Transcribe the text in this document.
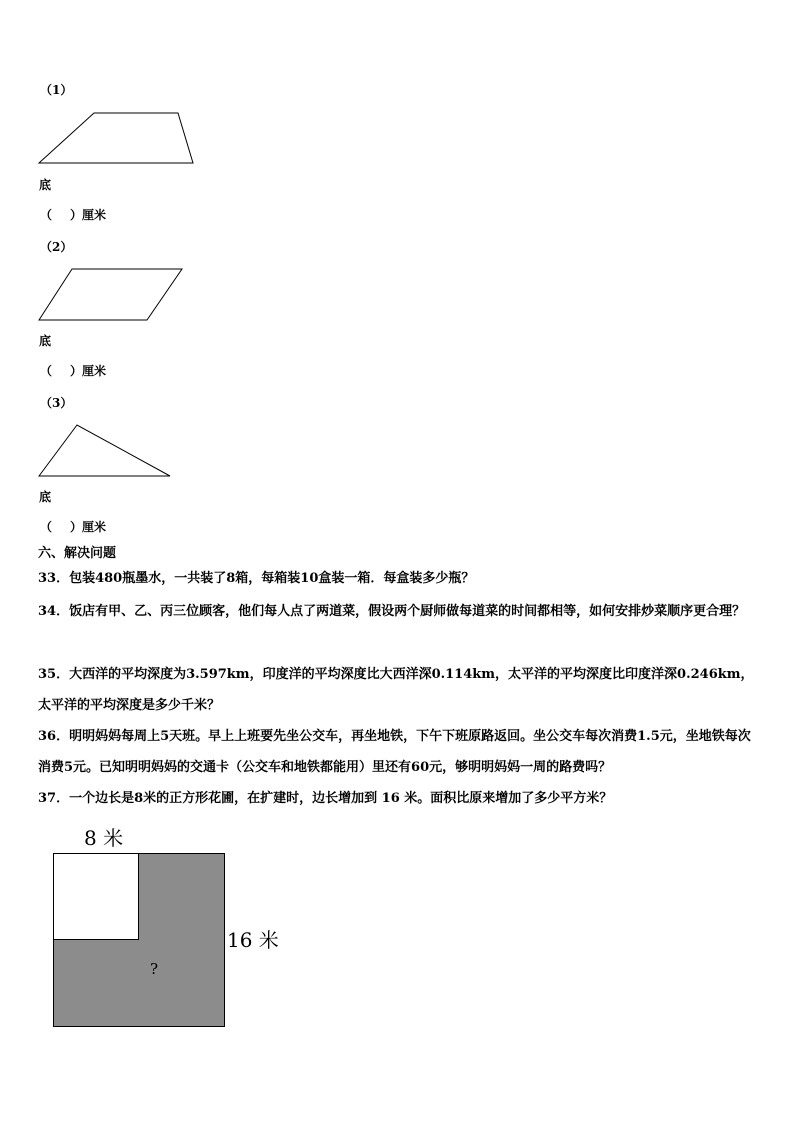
（1）
底
（ ）厘米
（2）
底
（ ）厘米
（3）
底
（ ）厘米
六、解决问题
33．包装480瓶墨水，一共装了8箱，每箱装10盒装一箱．每盒装多少瓶？
34．饭店有甲、乙、丙三位顾客，他们每人点了两道菜，假设两个厨师做每道菜的时间都相等，如何安排炒菜顺序更合理？
35．大西洋的平均深度为3.597km，印度洋的平均深度比大西洋深0.114km，太平洋的平均深度比印度洋深0.246km，太平洋的平均深度是多少千米？
36．明明妈妈每周上5天班。早上上班要先坐公交车，再坐地铁，下午下班原路返回。坐公交车每次消费1.5元，坐地铁每次消费5元。已知明明妈妈的交通卡（公交车和地铁都能用）里还有60元，够明明妈妈一周的路费吗？
37．一个边长是8米的正方形花圃，在扩建时，边长增加到 16 米。面积比原来增加了多少平方米？
8 米
16 米
?
